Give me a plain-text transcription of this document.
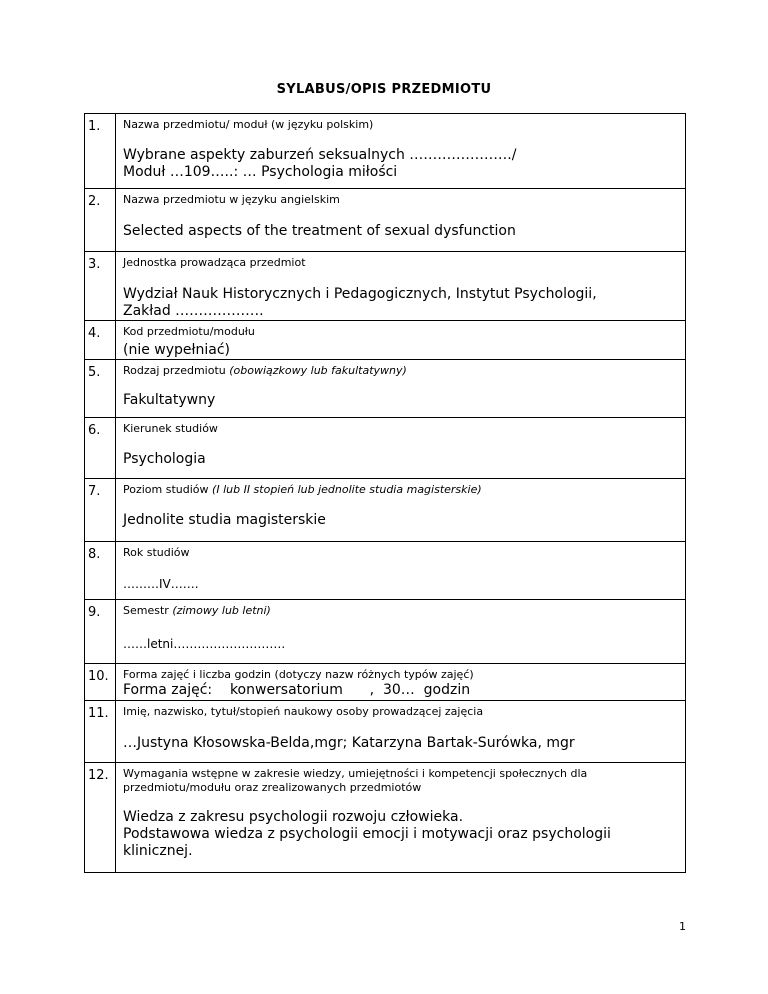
SYLABUS/OPIS PRZEDMIOTU
1.	Nazwa przedmiotu/ moduł (w języku polskim)
Wybrane aspekty zaburzeń seksualnych …………………./
Moduł …109…..: … Psychologia miłości

2.	Nazwa przedmiotu w języku angielskim
Selected aspects of the treatment of sexual dysfunction

3.	Jednostka prowadząca przedmiot
Wydział Nauk Historycznych i Pedagogicznych, Instytut Psychologii,
Zakład ……………….

4.	Kod przedmiotu/modułu
(nie wypełniać)

5.	Rodzaj przedmiotu (obowiązkowy lub fakultatywny)
Fakultatywny

6.	Kierunek studiów
Psychologia

7.	Poziom studiów (I lub II stopień lub jednolite studia magisterskie)
Jednolite studia magisterskie

8.	Rok studiów
………IV…….

9.	Semestr (zimowy lub letni)
……letni……………………….

10.	Forma zajęć i liczba godzin (dotyczy nazw różnych typów zajęć)
Forma zajęć:    konwersatorium      ,  30…  godzin

11.	Imię, nazwisko, tytuł/stopień naukowy osoby prowadzącej zajęcia
…Justyna Kłosowska-Belda,mgr; Katarzyna Bartak-Surówka, mgr

12.	Wymagania wstępne w zakresie wiedzy, umiejętności i kompetencji społecznych dla
przedmiotu/modułu oraz zrealizowanych przedmiotów
Wiedza z zakresu psychologii rozwoju człowieka.
Podstawowa wiedza z psychologii emocji i motywacji oraz psychologii
klinicznej.
1
